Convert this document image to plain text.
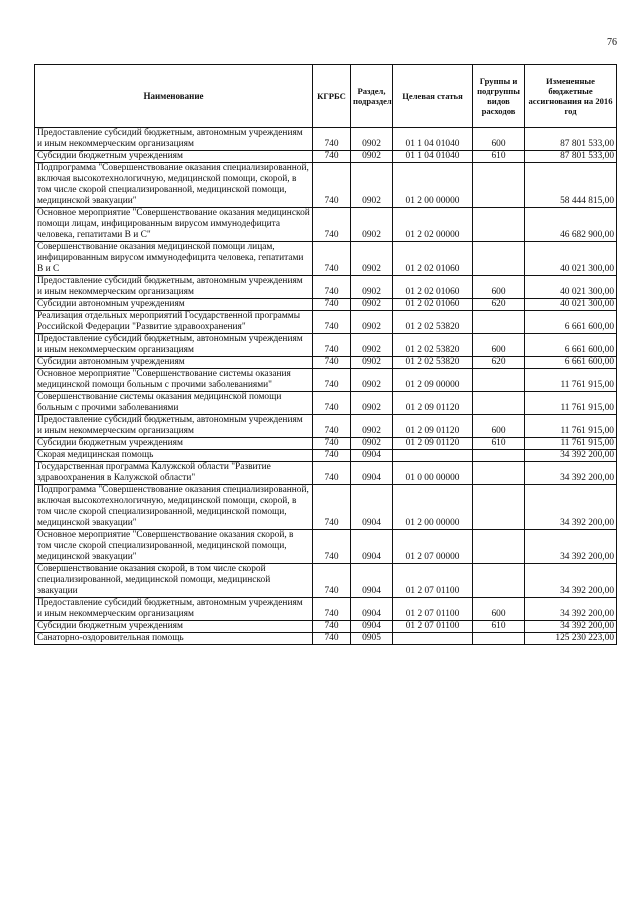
76
Наименование	КГРБС	Раздел, подраздел	Целевая статья	Группы и подгруппы видов расходов	Измененные бюджетные ассигнования на 2016 год
Предоставление субсидий бюджетным, автономным учреждениям и иным некоммерческим организациям	740	0902	01 1 04 01040	600	87 801 533,00
Субсидии бюджетным учреждениям	740	0902	01 1 04 01040	610	87 801 533,00
Подпрограмма "Совершенствование оказания специализированной, включая высокотехнологичную, медицинской помощи, скорой, в том числе скорой специализированной, медицинской помощи, медицинской эвакуации"	740	0902	01 2 00 00000		58 444 815,00
Основное мероприятие "Совершенствование оказания медицинской помощи лицам, инфицированным вирусом иммунодефицита человека, гепатитами В и С"	740	0902	01 2 02 00000		46 682 900,00
Совершенствование оказания медицинской помощи лицам, инфицированным вирусом иммунодефицита человека, гепатитами В и С	740	0902	01 2 02 01060		40 021 300,00
Предоставление субсидий бюджетным, автономным учреждениям и иным некоммерческим организациям	740	0902	01 2 02 01060	600	40 021 300,00
Субсидии автономным учреждениям	740	0902	01 2 02 01060	620	40 021 300,00
Реализация отдельных мероприятий Государственной программы Российской Федерации "Развитие здравоохранения"	740	0902	01 2 02 53820		6 661 600,00
Предоставление субсидий бюджетным, автономным учреждениям и иным некоммерческим организациям	740	0902	01 2 02 53820	600	6 661 600,00
Субсидии автономным учреждениям	740	0902	01 2 02 53820	620	6 661 600,00
Основное мероприятие "Совершенствование системы оказания медицинской помощи больным с прочими заболеваниями"	740	0902	01 2 09 00000		11 761 915,00
Совершенствование системы оказания медицинской помощи больным с прочими заболеваниями	740	0902	01 2 09 01120		11 761 915,00
Предоставление субсидий бюджетным, автономным учреждениям и иным некоммерческим организациям	740	0902	01 2 09 01120	600	11 761 915,00
Субсидии бюджетным учреждениям	740	0902	01 2 09 01120	610	11 761 915,00
Скорая медицинская помощь	740	0904			34 392 200,00
Государственная программа Калужской области "Развитие здравоохранения в Калужской области"	740	0904	01 0 00 00000		34 392 200,00
Подпрограмма "Совершенствование оказания специализированной, включая высокотехнологичную, медицинской помощи, скорой, в том числе скорой специализированной, медицинской помощи, медицинской эвакуации"	740	0904	01 2 00 00000		34 392 200,00
Основное мероприятие "Совершенствование оказания скорой, в том числе скорой специализированной, медицинской помощи, медицинской эвакуации"	740	0904	01 2 07 00000		34 392 200,00
Совершенствование оказания скорой, в том числе скорой специализированной, медицинской помощи, медицинской эвакуации	740	0904	01 2 07 01100		34 392 200,00
Предоставление субсидий бюджетным, автономным учреждениям и иным некоммерческим организациям	740	0904	01 2 07 01100	600	34 392 200,00
Субсидии бюджетным учреждениям	740	0904	01 2 07 01100	610	34 392 200,00
Санаторно-оздоровительная помощь	740	0905			125 230 223,00
